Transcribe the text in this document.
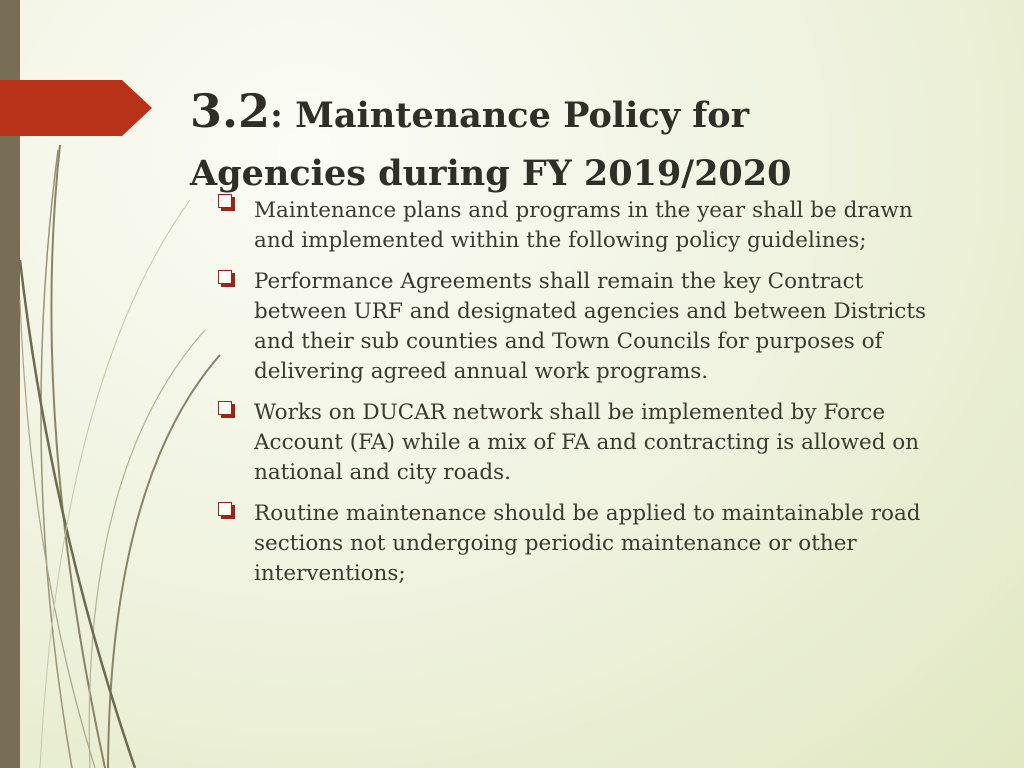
3.2: Maintenance Policy for Agencies during FY 2019/2020
Maintenance plans and programs in the year shall be drawn and implemented within the following policy guidelines;
Performance Agreements shall remain the key Contract between URF and designated agencies and between Districts and their sub counties and Town Councils for purposes of delivering agreed annual work programs.
Works on DUCAR network shall be implemented by Force Account (FA) while a mix of FA and contracting is allowed on national and city roads.
Routine maintenance should be applied to maintainable road sections not undergoing periodic maintenance or other interventions;
